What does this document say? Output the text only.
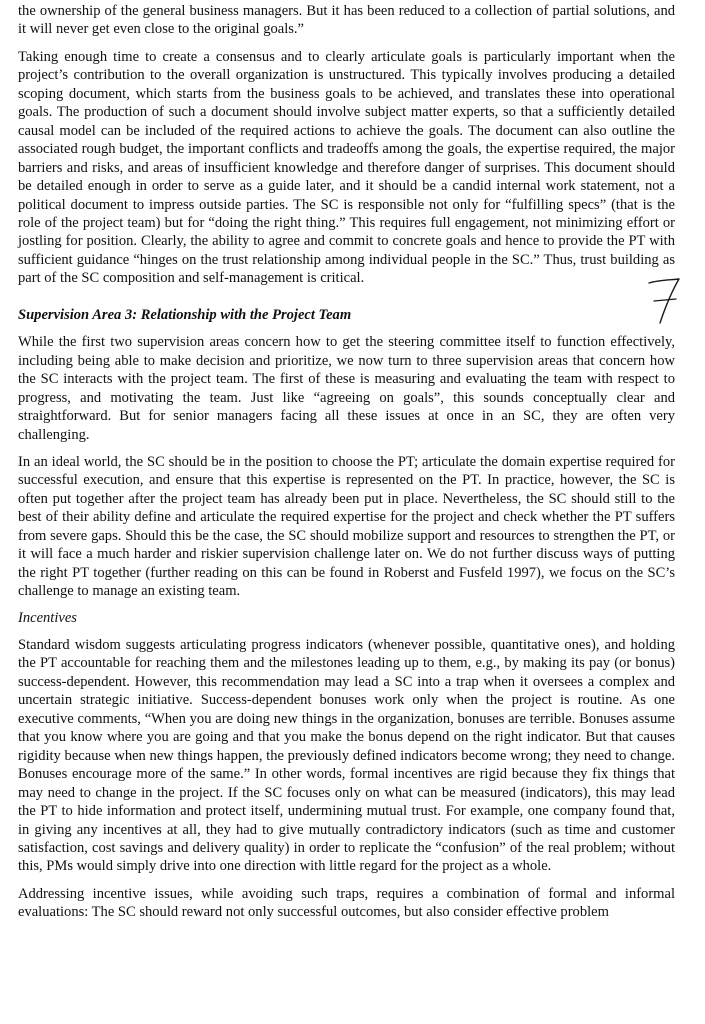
the ownership of the general business managers. But it has been reduced to a collection of partial solutions, and it will never get even close to the original goals.”

Taking enough time to create a consensus and to clearly articulate goals is particularly important when the project’s contribution to the overall organization is unstructured. This typically involves producing a detailed scoping document, which starts from the business goals to be achieved, and translates these into operational goals. The production of such a document should involve subject matter experts, so that a sufficiently detailed causal model can be included of the required actions to achieve the goals. The document can also outline the associated rough budget, the important conflicts and tradeoffs among the goals, the expertise required, the major barriers and risks, and areas of insufficient knowledge and therefore danger of surprises. This document should be detailed enough in order to serve as a guide later, and it should be a candid internal work statement, not a political document to impress outside parties. The SC is responsible not only for “fulfilling specs” (that is the role of the project team) but for “doing the right thing.” This requires full engagement, not minimizing effort or jostling for position. Clearly, the ability to agree and commit to concrete goals and hence to provide the PT with sufficient guidance “hinges on the trust relationship among individual people in the SC.” Thus, trust building as part of the SC composition and self-management is critical.

Supervision Area 3: Relationship with the Project Team

While the first two supervision areas concern how to get the steering committee itself to function effectively, including being able to make decision and prioritize, we now turn to three supervision areas that concern how the SC interacts with the project team. The first of these is measuring and evaluating the team with respect to progress, and motivating the team. Just like “agreeing on goals”, this sounds conceptually clear and straightforward. But for senior managers facing all these issues at once in an SC, they are often very challenging.

In an ideal world, the SC should be in the position to choose the PT; articulate the domain expertise required for successful execution, and ensure that this expertise is represented on the PT. In practice, however, the SC is often put together after the project team has already been put in place. Nevertheless, the SC should still to the best of their ability define and articulate the required expertise for the project and check whether the PT suffers from severe gaps. Should this be the case, the SC should mobilize support and resources to strengthen the PT, or it will face a much harder and riskier supervision challenge later on. We do not further discuss ways of putting the right PT together (further reading on this can be found in Roberst and Fusfeld 1997), we focus on the SC’s challenge to manage an existing team.

Incentives

Standard wisdom suggests articulating progress indicators (whenever possible, quantitative ones), and holding the PT accountable for reaching them and the milestones leading up to them, e.g., by making its pay (or bonus) success-dependent. However, this recommendation may lead a SC into a trap when it oversees a complex and uncertain strategic initiative. Success-dependent bonuses work only when the project is routine. As one executive comments, “When you are doing new things in the organization, bonuses are terrible. Bonuses assume that you know where you are going and that you make the bonus depend on the right indicator. But that causes rigidity because when new things happen, the previously defined indicators become wrong; they need to change. Bonuses encourage more of the same.” In other words, formal incentives are rigid because they fix things that may need to change in the project. If the SC focuses only on what can be measured (indicators), this may lead the PT to hide information and protect itself, undermining mutual trust. For example, one company found that, in giving any incentives at all, they had to give mutually contradictory indicators (such as time and customer satisfaction, cost savings and delivery quality) in order to replicate the “confusion” of the real problem; without this, PMs would simply drive into one direction with little regard for the project as a whole.

Addressing incentive issues, while avoiding such traps, requires a combination of formal and informal evaluations: The SC should reward not only successful outcomes, but also consider effective problem
